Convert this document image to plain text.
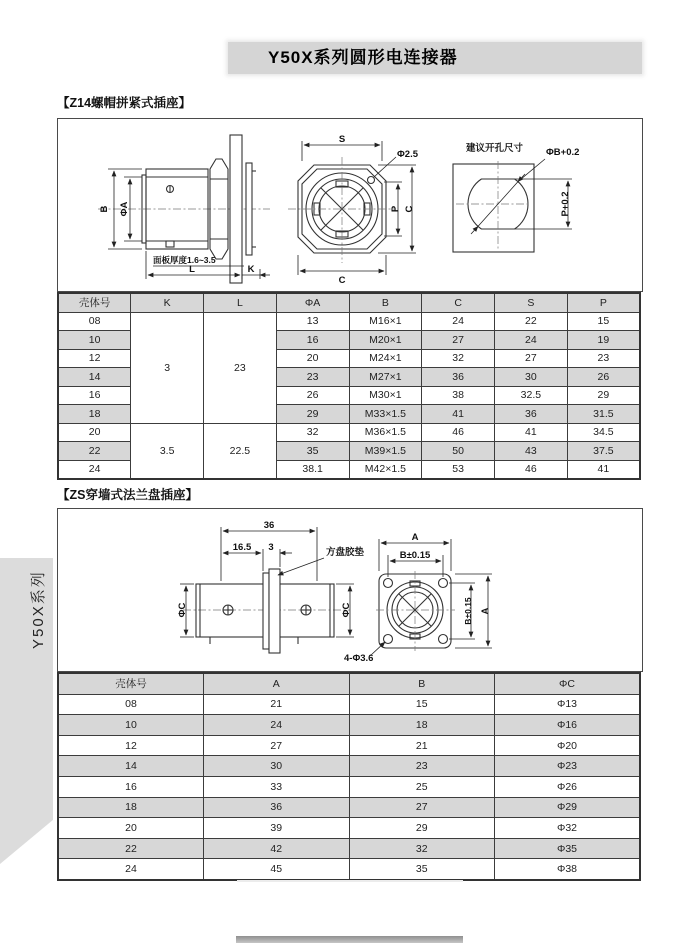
Y50X系列圆形电连接器
【Z14螺帽拼紧式插座】
B ΦA
面板厚度1.6~3.5
L	K
S
Φ2.5
C
P C
建议开孔尺寸 ΦB+0.2
P+0.2
壳体号	K	L	ΦA	B	C	S	P
08	3	23	13	M16×1	24	22	15
10			16	M20×1	27	24	19
12			20	M24×1	32	27	23
14			23	M27×1	36	30	26
16			26	M30×1	38	32.5	29
18			29	M33×1.5	41	36	31.5
20	3.5	22.5	32	M36×1.5	46	41	34.5
22			35	M39×1.5	50	43	37.5
24			38.1	M42×1.5	53	46	41
【ZS穿墙式法兰盘插座】
36
16.5 3	方盘胶垫
ΦC	ΦC
A
B±0.15
B±0.15 A
4-Φ3.6
壳体号	A	B	ΦC
08	21	15	Φ13
10	24	18	Φ16
12	27	21	Φ20
14	30	23	Φ23
16	33	25	Φ26
18	36	27	Φ29
20	39	29	Φ32
22	42	32	Φ35
24	45	35	Φ38
Y50X系列
